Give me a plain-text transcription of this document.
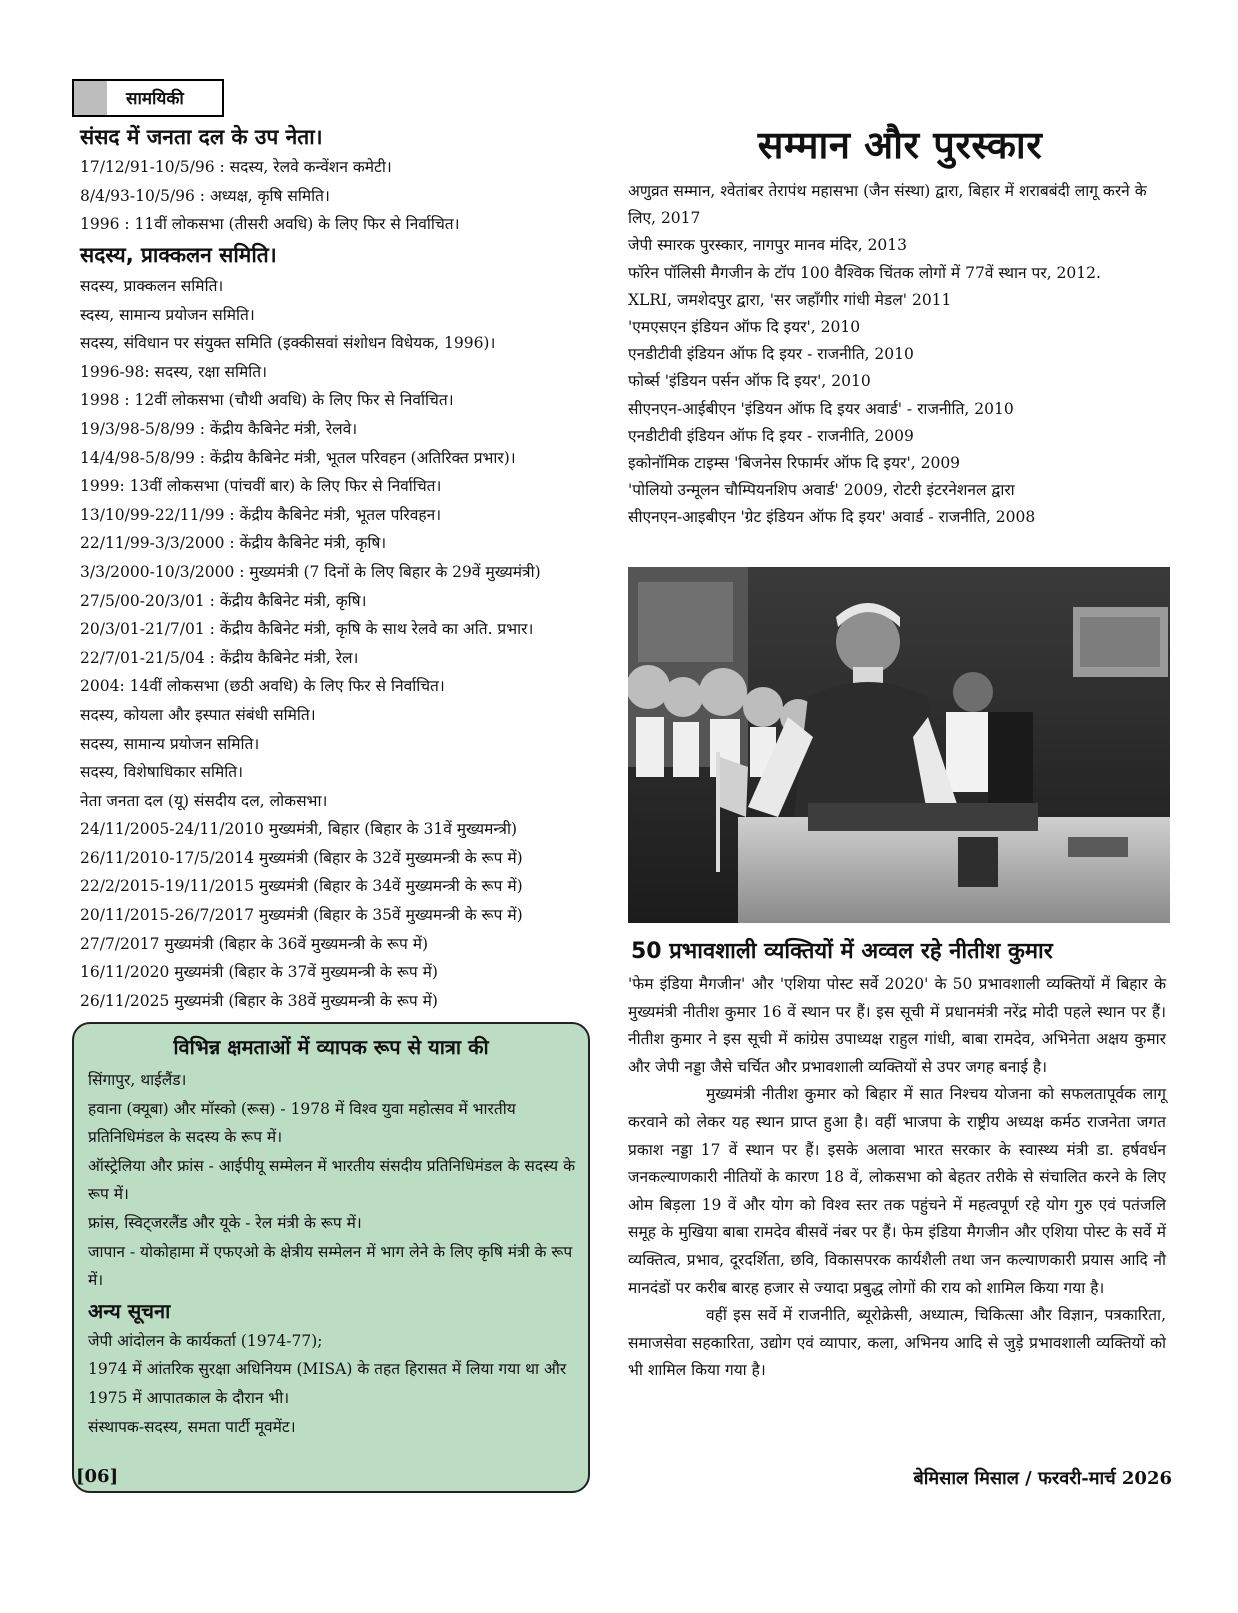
सामयिकी
संसद में जनता दल के उप नेता।
17/12/91-10/5/96 : सदस्य, रेलवे कन्वेंशन कमेटी।
8/4/93-10/5/96 : अध्यक्ष, कृषि समिति।
1996 : 11वीं लोकसभा (तीसरी अवधि) के लिए फिर से निर्वाचित।
सदस्य, प्राक्कलन समिति।
सदस्य, प्राक्कलन समिति।
स्दस्य, सामान्य प्रयोजन समिति।
सदस्य, संविधान पर संयुक्त समिति (इक्कीसवां संशोधन विधेयक, 1996)।
1996-98: सदस्य, रक्षा समिति।
1998 : 12वीं लोकसभा (चौथी अवधि) के लिए फिर से निर्वाचित।
19/3/98-5/8/99 : केंद्रीय कैबिनेट मंत्री, रेलवे।
14/4/98-5/8/99 : केंद्रीय कैबिनेट मंत्री, भूतल परिवहन (अतिरिक्त प्रभार)।
1999: 13वीं लोकसभा (पांचवीं बार) के लिए फिर से निर्वाचित।
13/10/99-22/11/99 : केंद्रीय कैबिनेट मंत्री, भूतल परिवहन।
22/11/99-3/3/2000 : केंद्रीय कैबिनेट मंत्री, कृषि।
3/3/2000-10/3/2000 : मुख्यमंत्री (7 दिनों के लिए बिहार के 29वें मुख्यमंत्री)
27/5/00-20/3/01 : केंद्रीय कैबिनेट मंत्री, कृषि।
20/3/01-21/7/01 : केंद्रीय कैबिनेट मंत्री, कृषि के साथ रेलवे का अति. प्रभार।
22/7/01-21/5/04 : केंद्रीय कैबिनेट मंत्री, रेल।
2004: 14वीं लोकसभा (छठी अवधि) के लिए फिर से निर्वाचित।
सदस्य, कोयला और इस्पात संबंधी समिति।
सदस्य, सामान्य प्रयोजन समिति।
सदस्य, विशेषाधिकार समिति।
नेता जनता दल (यू) संसदीय दल, लोकसभा।
24/11/2005-24/11/2010 मुख्यमंत्री, बिहार (बिहार के 31वें मुख्यमन्त्री)
26/11/2010-17/5/2014 मुख्यमंत्री (बिहार के 32वें मुख्यमन्त्री के रूप में)
22/2/2015-19/11/2015 मुख्यमंत्री (बिहार के 34वें मुख्यमन्त्री के रूप में)
20/11/2015-26/7/2017 मुख्यमंत्री (बिहार के 35वें मुख्यमन्त्री के रूप में)
27/7/2017 मुख्यमंत्री (बिहार के 36वें मुख्यमन्त्री के रूप में)
16/11/2020 मुख्यमंत्री (बिहार के 37वें मुख्यमन्त्री के रूप में)
26/11/2025 मुख्यमंत्री (बिहार के 38वें मुख्यमन्त्री के रूप में)
विभिन्न क्षमताओं में व्यापक रूप से यात्रा की

सिंगापुर, थाईलैंड।

हवाना (क्यूबा) और मॉस्को (रूस) - 1978 में विश्व युवा महोत्सव में भारतीय प्रतिनिधिमंडल के सदस्य के रूप में।

ऑस्ट्रेलिया और फ्रांस - आईपीयू सम्मेलन में भारतीय संसदीय प्रतिनिधिमंडल के सदस्य के रूप में।

फ्रांस, स्विट्जरलैंड और यूके - रेल मंत्री के रूप में।

जापान - योकोहामा में एफएओ के क्षेत्रीय सम्मेलन में भाग लेने के लिए कृषि मंत्री के रूप में।

अन्य सूचना

जेपी आंदोलन के कार्यकर्ता (1974-77);

1974 में आंतरिक सुरक्षा अधिनियम (MISA) के तहत हिरासत में लिया गया था और 1975 में आपातकाल के दौरान भी।

संस्थापक-सदस्य, समता पार्टी मूवमेंट।

सम्मान और पुरस्कार
अणुव्रत सम्मान, श्वेतांबर तेरापंथ महासभा (जैन संस्था) द्वारा, बिहार में शराबबंदी लागू करने के लिए, 2017
जेपी स्मारक पुरस्कार, नागपुर मानव मंदिर, 2013
फॉरेन पॉलिसी मैगजीन के टॉप 100 वैश्विक चिंतक लोगों में 77वें स्थान पर, 2012.
XLRI, जमशेदपुर द्वारा, 'सर जहाँगीर गांधी मेडल' 2011
'एमएसएन इंडियन ऑफ दि इयर', 2010
एनडीटीवी इंडियन ऑफ दि इयर - राजनीति, 2010
फोर्ब्स 'इंडियन पर्सन ऑफ दि इयर', 2010
सीएनएन-आईबीएन 'इंडियन ऑफ दि इयर अवार्ड' - राजनीति, 2010
एनडीटीवी इंडियन ऑफ दि इयर - राजनीति, 2009
इकोनॉमिक टाइम्स 'बिजनेस रिफार्मर ऑफ दि इयर', 2009
'पोलियो उन्मूलन चौम्पियनशिप अवार्ड' 2009, रोटरी इंटरनेशनल द्वारा
सीएनएन-आइबीएन 'ग्रेट इंडियन ऑफ दि इयर' अवार्ड - राजनीति, 2008
50 प्रभावशाली व्यक्तियों में अव्वल रहे नीतीश कुमार

'फेम इंडिया मैगजीन' और 'एशिया पोस्ट सर्वे 2020' के 50 प्रभावशाली व्यक्तियों में बिहार के मुख्यमंत्री नीतीश कुमार 16 वें स्थान पर हैं। इस सूची में प्रधानमंत्री नरेंद्र मोदी पहले स्थान पर हैं। नीतीश कुमार ने इस सूची में कांग्रेस उपाध्यक्ष राहुल गांधी, बाबा रामदेव, अभिनेता अक्षय कुमार और जेपी नड्डा जैसे चर्चित और प्रभावशाली व्यक्तियों से उपर जगह बनाई है।

मुख्यमंत्री नीतीश कुमार को बिहार में सात निश्चय योजना को सफलतापूर्वक लागू करवाने को लेकर यह स्थान प्राप्त हुआ है। वहीं भाजपा के राष्ट्रीय अध्यक्ष कर्मठ राजनेता जगत प्रकाश नड्डा 17 वें स्थान पर हैं। इसके अलावा भारत सरकार के स्वास्थ्य मंत्री डा. हर्षवर्धन जनकल्याणकारी नीतियों के कारण 18 वें, लोकसभा को बेहतर तरीके से संचालित करने के लिए ओम बिड़ला 19 वें और योग को विश्व स्तर तक पहुंचने में महत्वपूर्ण रहे योग गुरु एवं पतंजलि समूह के मुखिया बाबा रामदेव बीसवें नंबर पर हैं। फेम इंडिया मैगजीन और एशिया पोस्ट के सर्वे में व्यक्तित्व, प्रभाव, दूरदर्शिता, छवि, विकासपरक कार्यशैली तथा जन कल्याणकारी प्रयास आदि नौ मानदंडों पर करीब बारह हजार से ज्यादा प्रबुद्ध लोगों की राय को शामिल किया गया है।

वहीं इस सर्वे में राजनीति, ब्यूरोक्रेसी, अध्यात्म, चिकित्सा और विज्ञान, पत्रकारिता, समाजसेवा सहकारिता, उद्योग एवं व्यापार, कला, अभिनय आदि से जुड़े प्रभावशाली व्यक्तियों को भी शामिल किया गया है।

[06]	बेमिसाल मिसाल / फरवरी-मार्च 2026
